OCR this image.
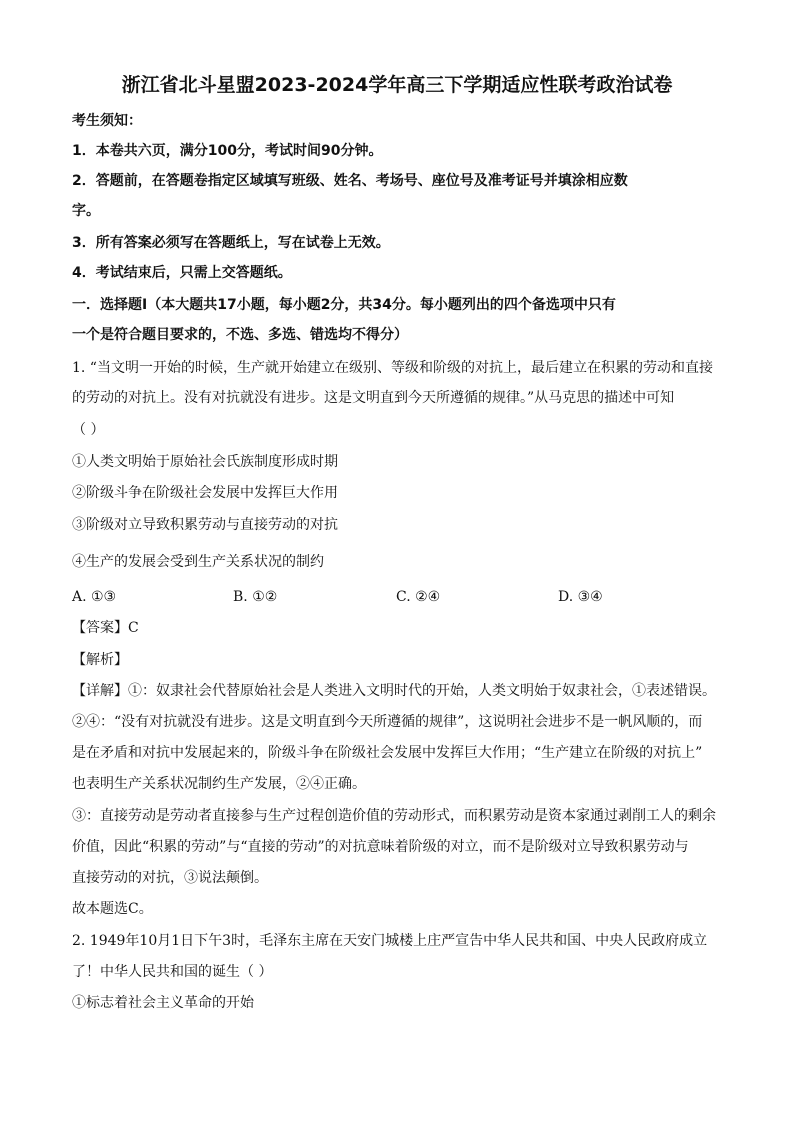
浙江省北斗星盟2023-2024学年高三下学期适应性联考政治试卷
考生须知：
1．本卷共六页，满分100分，考试时间90分钟。
2．答题前，在答题卷指定区域填写班级、姓名、考场号、座位号及准考证号并填涂相应数
字。
3．所有答案必须写在答题纸上，写在试卷上无效。
4．考试结束后，只需上交答题纸。
一．选择题Ⅰ（本大题共17小题，每小题2分，共34分。每小题列出的四个备选项中只有
一个是符合题目要求的，不选、多选、错选均不得分）
1. “当文明一开始的时候，生产就开始建立在级别、等级和阶级的对抗上，最后建立在积累的劳动和直接
的劳动的对抗上。没有对抗就没有进步。这是文明直到今天所遵循的规律。”从马克思的描述中可知
（ ）
①人类文明始于原始社会氏族制度形成时期
②阶级斗争在阶级社会发展中发挥巨大作用
③阶级对立导致积累劳动与直接劳动的对抗
④生产的发展会受到生产关系状况的制约
A. ①③	B. ①②	C. ②④	D. ③④
【答案】C
【解析】
【详解】①：奴隶社会代替原始社会是人类进入文明时代的开始，人类文明始于奴隶社会，①表述错误。
②④：“没有对抗就没有进步。这是文明直到今天所遵循的规律”，这说明社会进步不是一帆风顺的，而
是在矛盾和对抗中发展起来的，阶级斗争在阶级社会发展中发挥巨大作用；“生产建立在阶级的对抗上”
也表明生产关系状况制约生产发展，②④正确。
③：直接劳动是劳动者直接参与生产过程创造价值的劳动形式，而积累劳动是资本家通过剥削工人的剩余
价值，因此“积累的劳动”与“直接的劳动”的对抗意味着阶级的对立，而不是阶级对立导致积累劳动与
直接劳动的对抗，③说法颠倒。
故本题选C。
2. 1949年10月1日下午3时，毛泽东主席在天安门城楼上庄严宣告中华人民共和国、中央人民政府成立
了！中华人民共和国的诞生（ ）
①标志着社会主义革命的开始
